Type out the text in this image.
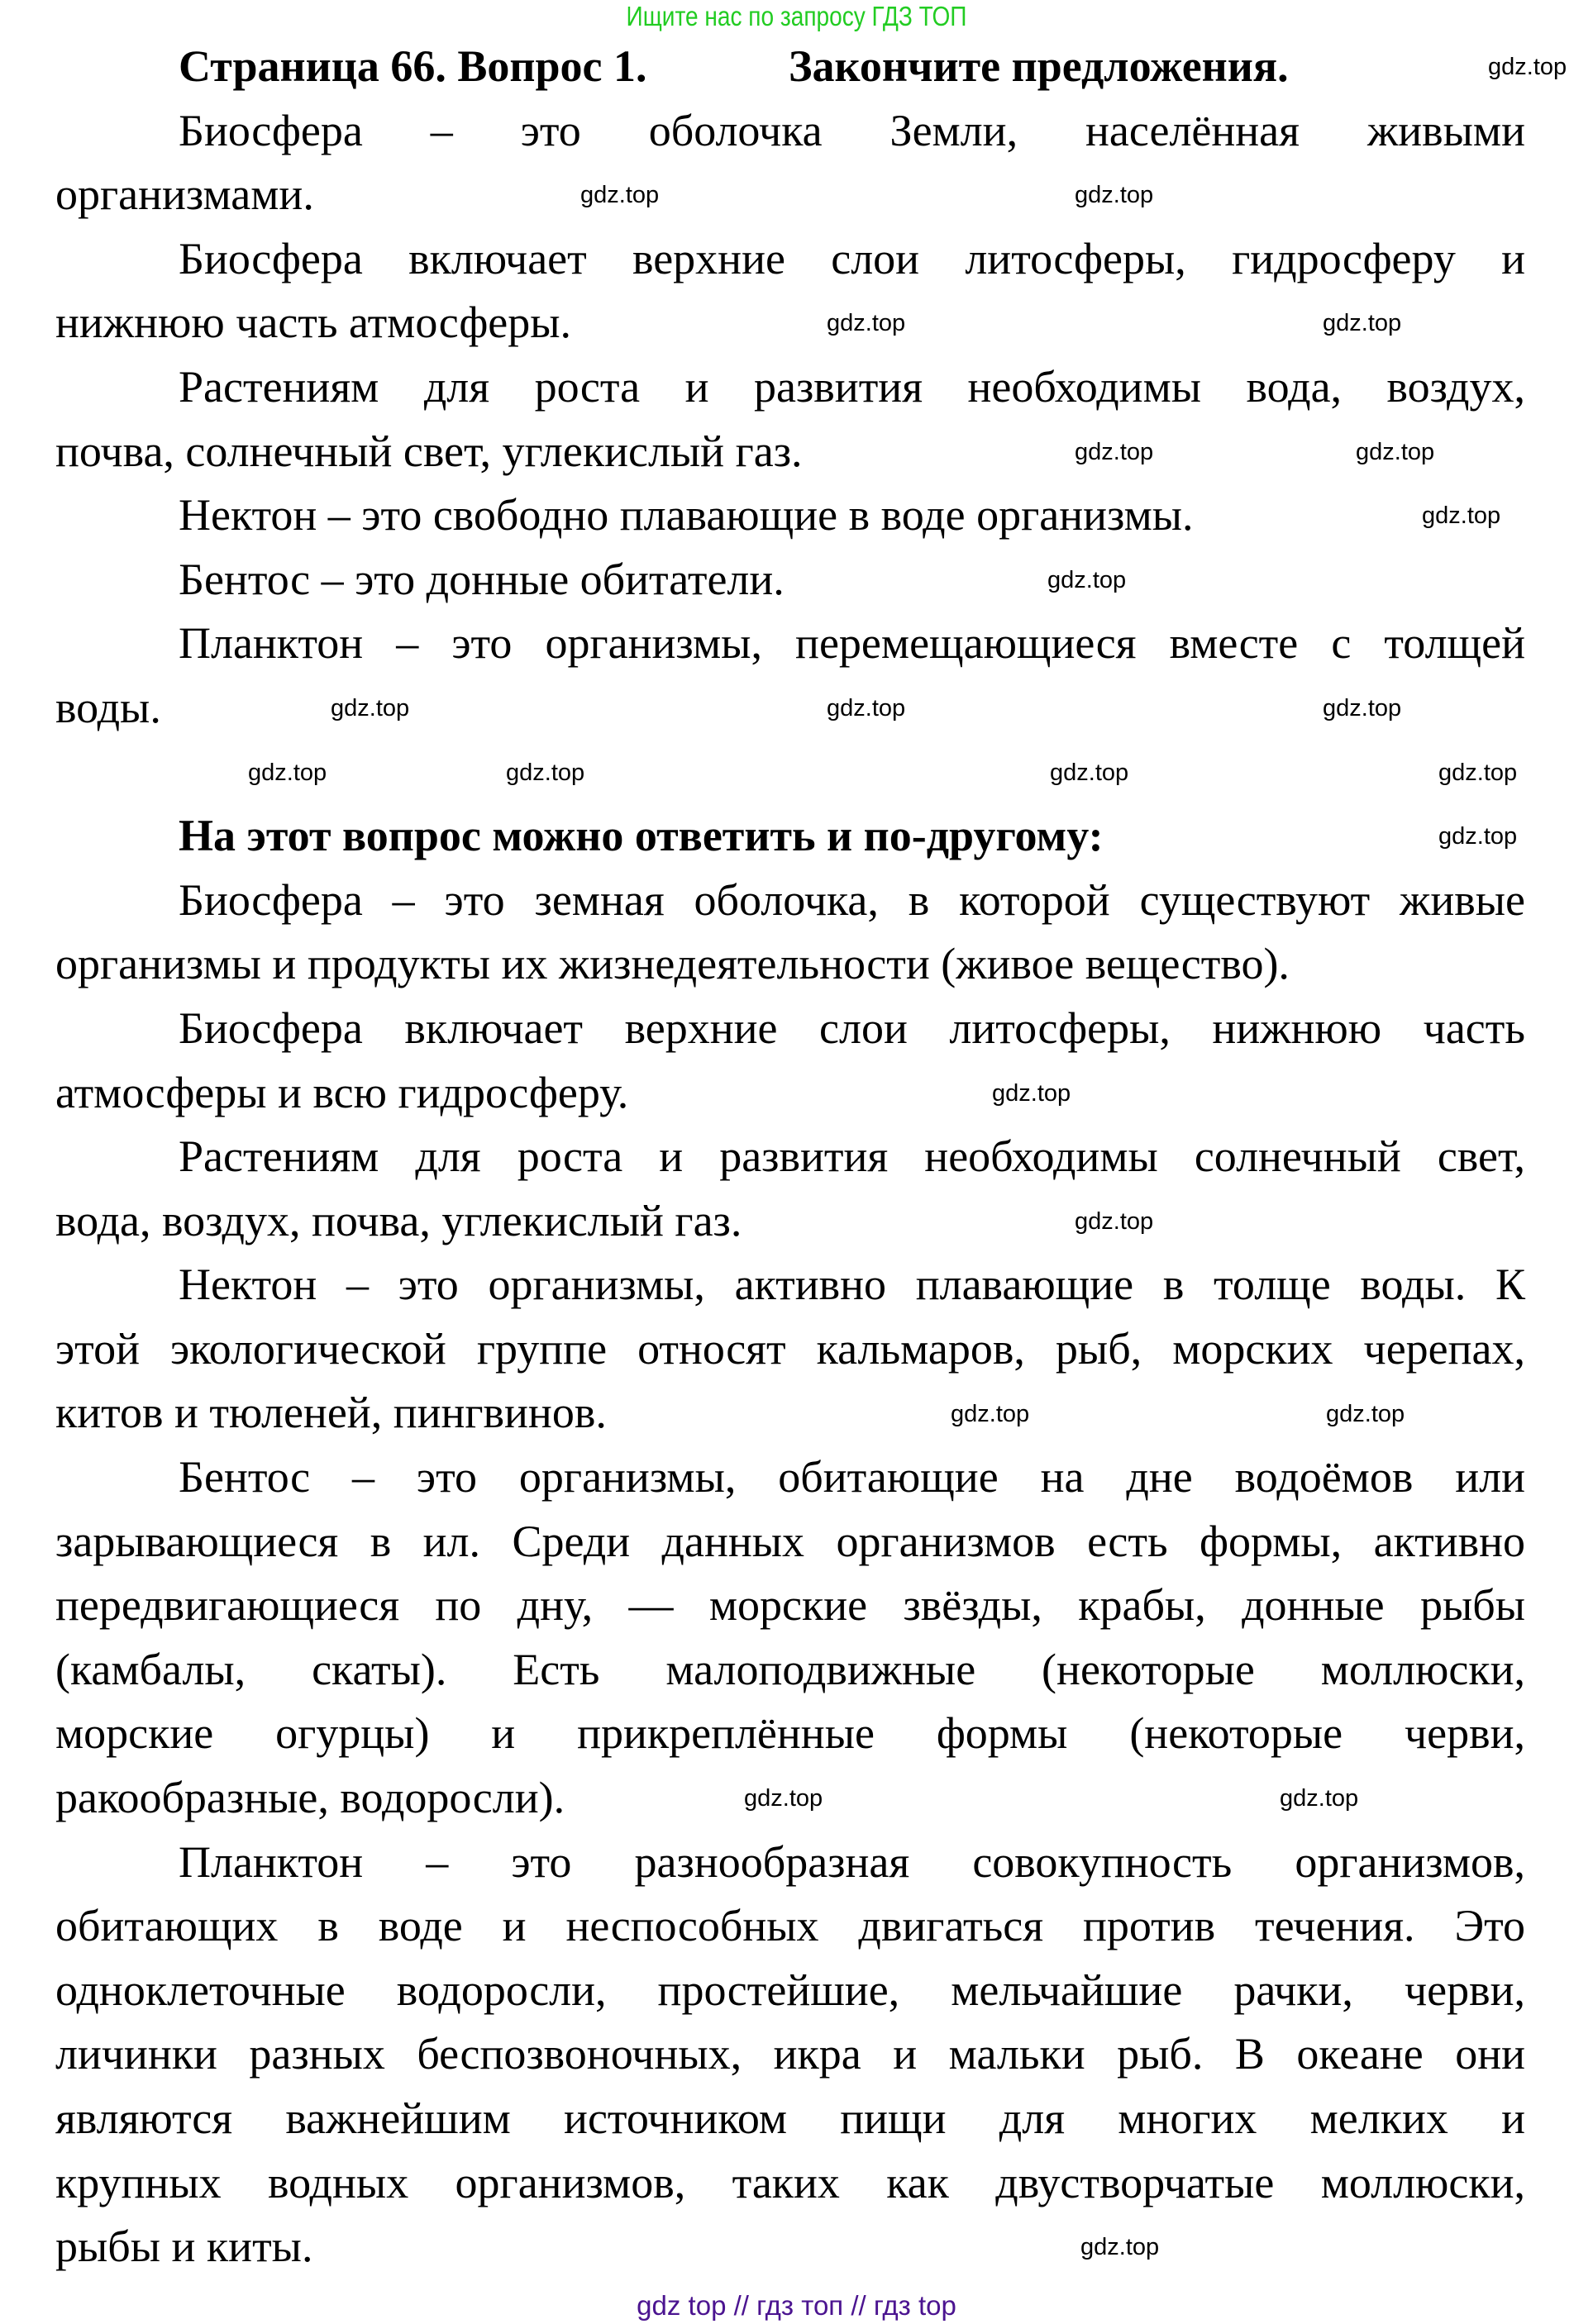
Ищите нас по запросу ГДЗ ТОП
Страница 66. Вопрос 1.	Закончите предложения.
Биосфера – это оболочка Земли, населённая живыми
организмами.
Биосфера включает верхние слои литосферы, гидросферу и
нижнюю часть атмосферы.
Растениям для роста и развития необходимы вода, воздух,
почва, солнечный свет, углекислый газ.
Нектон – это свободно плавающие в воде организмы.
Бентос – это донные обитатели.
Планктон – это организмы, перемещающиеся вместе с толщей
воды.
На этот вопрос можно ответить и по-другому:
Биосфера – это земная оболочка, в которой существуют живые
организмы и продукты их жизнедеятельности (живое вещество).
Биосфера включает верхние слои литосферы, нижнюю часть
атмосферы и всю гидросферу.
Растениям для роста и развития необходимы солнечный свет,
вода, воздух, почва, углекислый газ.
Нектон – это организмы, активно плавающие в толще воды. К
этой экологической группе относят кальмаров, рыб, морских черепах,
китов и тюленей, пингвинов.
Бентос – это организмы, обитающие на дне водоёмов или
зарывающиеся в ил. Среди данных организмов есть формы, активно
передвигающиеся по дну, — морские звёзды, крабы, донные рыбы
(камбалы, скаты). Есть малоподвижные (некоторые моллюски,
морские огурцы) и прикреплённые формы (некоторые черви,
ракообразные, водоросли).
Планктон – это разнообразная совокупность организмов,
обитающих в воде и неспособных двигаться против течения. Это
одноклеточные водоросли, простейшие, мельчайшие рачки, черви,
личинки разных беспозвоночных, икра и мальки рыб. В океане они
являются важнейшим источником пищи для многих мелких и
крупных водных организмов, таких как двустворчатые моллюски,
рыбы и киты.
gdz.top
gdz.top	gdz.top
gdz.top	gdz.top
gdz.top	gdz.top
gdz.top
gdz.top
gdz.top	gdz.top	gdz.top
gdz.top	gdz.top	gdz.top	gdz.top
gdz.top
gdz.top
gdz.top
gdz.top	gdz.top
gdz.top	gdz.top
gdz.top
gdz top // гдз топ // гдз top
